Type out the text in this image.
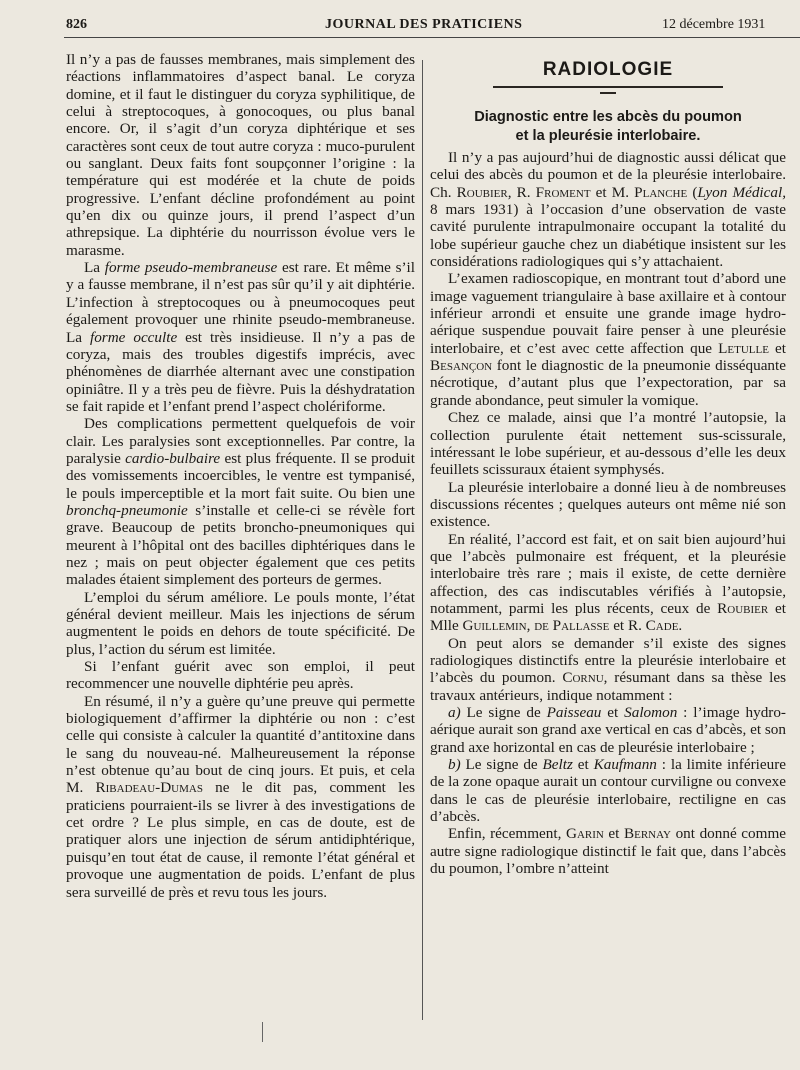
826	JOURNAL DES PRATICIENS	12 décembre 1931

Il n’y a pas de fausses membranes, mais simplement des réactions inflammatoires d’aspect banal. Le coryza domine, et il faut le distinguer du coryza syphilitique, de celui à streptocoques, à gonocoques, ou plus banal encore. Or, il s’agit d’un coryza diphtérique et ses caractères sont ceux de tout autre coryza : muco-purulent ou sanglant. Deux faits font soupçonner l’origine : la température qui est modérée et la chute de poids progressive. L’enfant décline profondément au point qu’en dix ou quinze jours, il prend l’aspect d’un athrepsique. La diphtérie du nourrisson évolue vers le marasme.

La forme pseudo-membraneuse est rare. Et même s’il y a fausse membrane, il n’est pas sûr qu’il y ait diphtérie. L’infection à streptocoques ou à pneumocoques peut également provoquer une rhinite pseudo-membraneuse. La forme occulte est très insidieuse. Il n’y a pas de coryza, mais des troubles digestifs imprécis, avec phénomènes de diarrhée alternant avec une constipation opiniâtre. Il y a très peu de fièvre. Puis la déshydratation se fait rapide et l’enfant prend l’aspect cholériforme.

Des complications permettent quelquefois de voir clair. Les paralysies sont exceptionnelles. Par contre, la paralysie cardio-bulbaire est plus fréquente. Il se produit des vomissements incoercibles, le ventre est tympanisé, le pouls imperceptible et la mort fait suite. Ou bien une bronchq-pneumonie s’installe et celle-ci se révèle fort grave. Beaucoup de petits broncho-pneumoniques qui meurent à l’hôpital ont des bacilles diphtériques dans le nez ; mais on peut objecter également que ces petits malades étaient simplement des porteurs de germes.

L’emploi du sérum améliore. Le pouls monte, l’état général devient meilleur. Mais les injections de sérum augmentent le poids en dehors de toute spécificité. De plus, l’action du sérum est limitée.

Si l’enfant guérit avec son emploi, il peut recommencer une nouvelle diphtérie peu après.

En résumé, il n’y a guère qu’une preuve qui permette biologiquement d’affirmer la diphtérie ou non : c’est celle qui consiste à calculer la quantité d’antitoxine dans le sang du nouveau-né. Malheureusement la réponse n’est obtenue qu’au bout de cinq jours. Et puis, et cela M. Ribadeau-Dumas ne le dit pas, comment les praticiens pourraient-ils se livrer à des investigations de cet ordre ? Le plus simple, en cas de doute, est de pratiquer alors une injection de sérum antidiphtérique, puisqu’en tout état de cause, il remonte l’état général et provoque une augmentation de poids. L’enfant de plus sera surveillé de près et revu tous les jours.

RADIOLOGIE
Diagnostic entre les abcès du poumon
et la pleurésie interlobaire.

Il n’y a pas aujourd’hui de diagnostic aussi délicat que celui des abcès du poumon et de la pleurésie interlobaire. Ch. Roubier, R. Froment et M. Planche (Lyon Médical, 8 mars 1931) à l’occasion d’une observation de vaste cavité purulente intrapulmonaire occupant la totalité du lobe supérieur gauche chez un diabétique insistent sur les considérations radiologiques qui s’y attachaient.

L’examen radioscopique, en montrant tout d’abord une image vaguement triangulaire à base axillaire et à contour inférieur arrondi et ensuite une grande image hydro-aérique suspendue pouvait faire penser à une pleurésie interlobaire, et c’est avec cette affection que Letulle et Besançon font le diagnostic de la pneumonie disséquante nécrotique, d’autant plus que l’expectoration, par sa grande abondance, peut simuler la vomique.

Chez ce malade, ainsi que l’a montré l’autopsie, la collection purulente était nettement sus-scissurale, intéressant le lobe supérieur, et au-dessous d’elle les deux feuillets scissuraux étaient symphysés.

La pleurésie interlobaire a donné lieu à de nombreuses discussions récentes ; quelques auteurs ont même nié son existence.

En réalité, l’accord est fait, et on sait bien aujourd’hui que l’abcès pulmonaire est fréquent, et la pleurésie interlobaire très rare ; mais il existe, de cette dernière affection, des cas indiscutables vérifiés à l’autopsie, notamment, parmi les plus récents, ceux de Roubier et Mlle Guillemin, de Pallasse et R. Cade.

On peut alors se demander s’il existe des signes radiologiques distinctifs entre la pleurésie interlobaire et l’abcès du poumon. Cornu, résumant dans sa thèse les travaux antérieurs, indique notamment :

a) Le signe de Paisseau et Salomon : l’image hydro-aérique aurait son grand axe vertical en cas d’abcès, et son grand axe horizontal en cas de pleurésie interlobaire ;

b) Le signe de Beltz et Kaufmann : la limite inférieure de la zone opaque aurait un contour curviligne ou convexe dans le cas de pleurésie interlobaire, rectiligne en cas d’abcès.

Enfin, récemment, Garin et Bernay ont donné comme autre signe radiologique distinctif le fait que, dans l’abcès du poumon, l’ombre n’atteint
